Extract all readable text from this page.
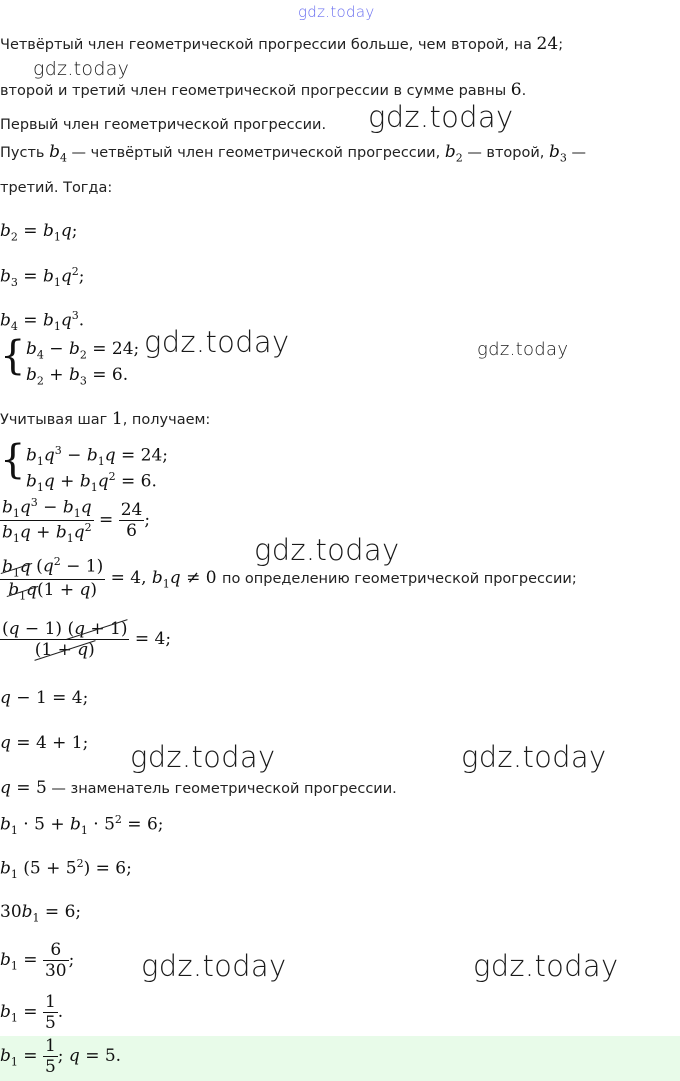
gdz.today
gdz.today
gdz.today
gdz.today	gdz.today
gdz.today
gdz.today	gdz.today
gdz.today	gdz.today
Четвёртый член геометрической прогрессии больше, чем второй, на 24;
второй и третий член геометрической прогрессии в сумме равны 6.
Первый член геометрической прогрессии.
Пусть $b_4$ — четвёртый член геометрической прогрессии, $b_2$ — второй, $b_3$ —
третий. Тогда:
$b_2 = b_1q$;
$b_3 = b_1q^2$;
$b_4 = b_1q^3$.
{ $b_4 - b_2 = 24$;
$b_2 + b_3 = 6$.
Учитывая шаг 1, получаем:
{ $b_1q^3 - b_1q = 24$;
$b_1q + b_1q^2 = 6$.
$\frac{b_1q^3 - b_1q}{b_1q + b_1q^2} = \frac{24}{6}$ ;
$\frac{b_1q (q^2 - 1)}{b_1q(1 + q)} = 4$, $b_1q \ne 0$ по определению геометрической прогрессии;
$\frac{(q - 1) (q + 1)}{(1 + q)} = 4$;
q − 1 = 4;
q = 4 + 1;
q = 5 — знаменатель геометрической прогрессии.
$b_1 \cdot 5 + b_1 \cdot 5^2 = 6$;
$b_1$ $(5 + 5^2) = 6$;
$30b_1 = 6$;
$b_1 = \frac{6}{30}$ ;
$b_1 = \frac{1}{5}$ .
$b_1 = \frac{1}{5}$ ; q = 5.
